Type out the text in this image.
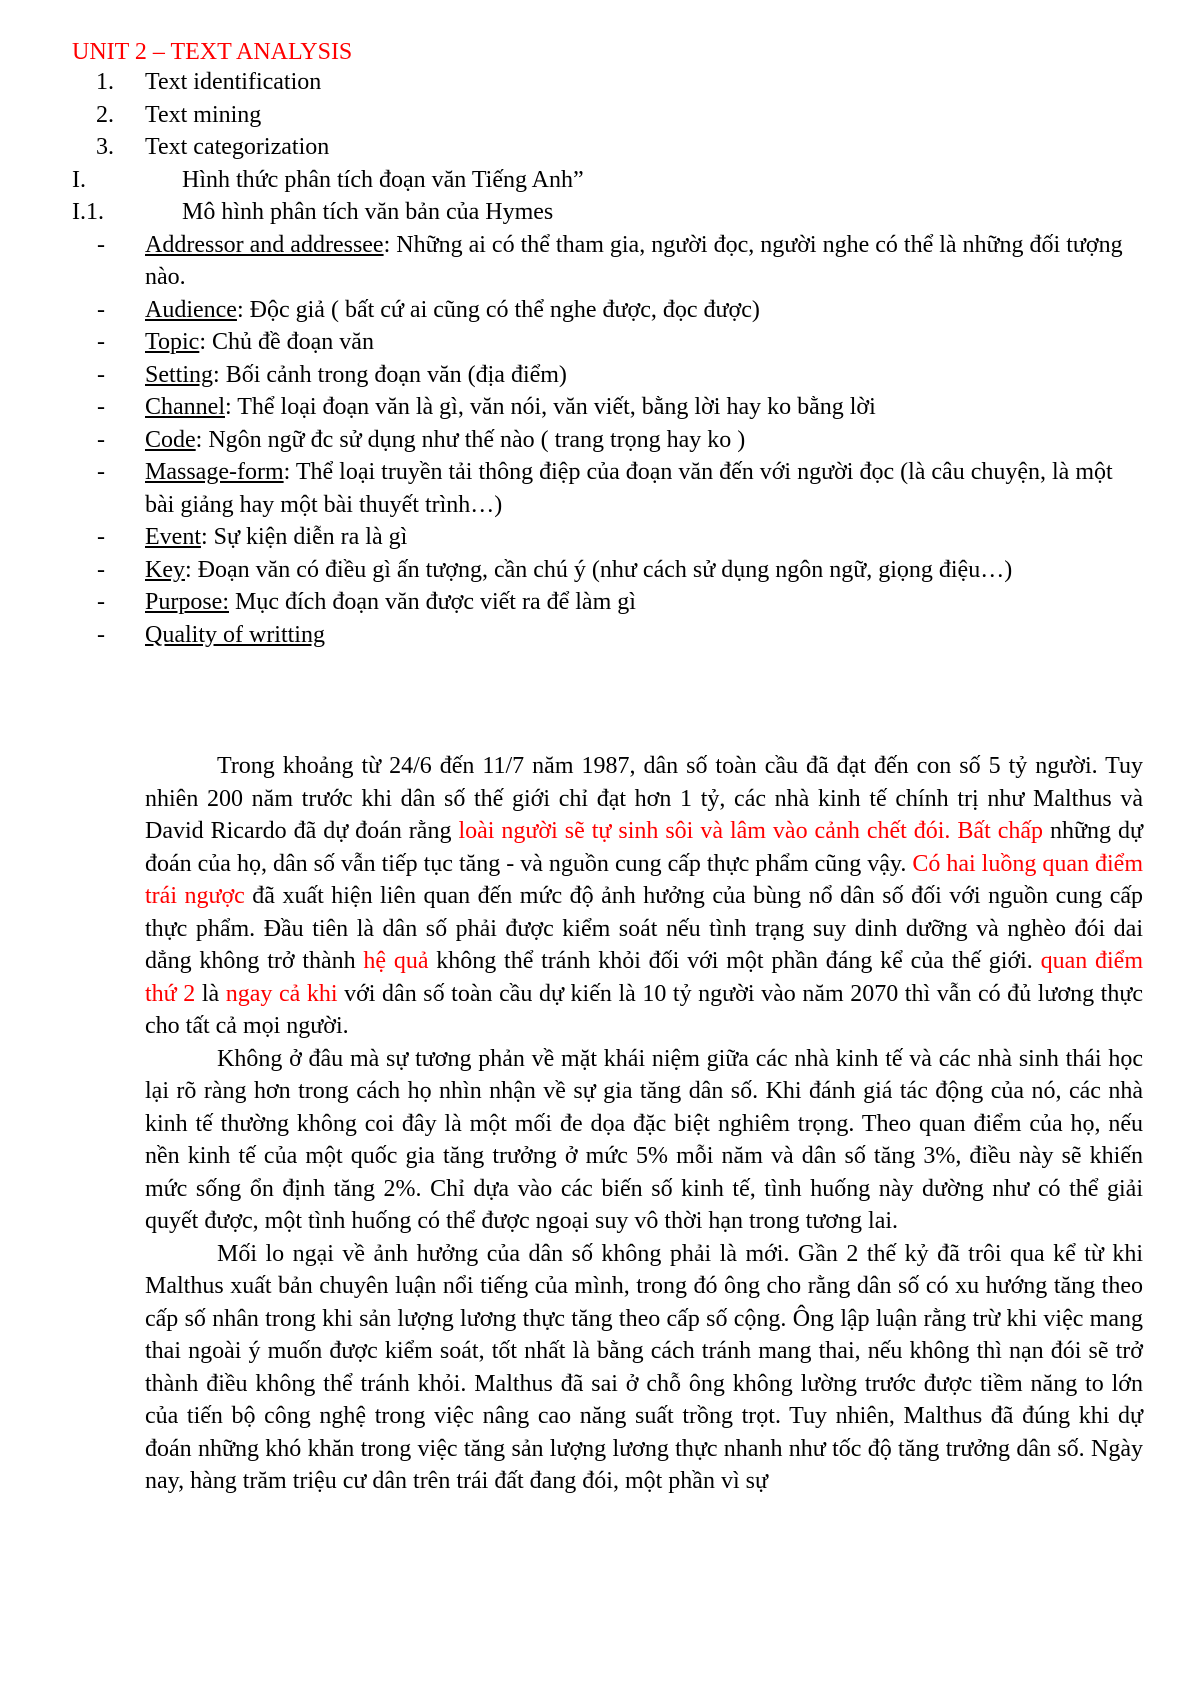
UNIT 2 – TEXT ANALYSIS
1. Text identification
2. Text mining
3. Text categorization
I.	Hình thức phân tích đoạn văn Tiếng Anh”
I.1.	Mô hình phân tích văn bản của Hymes
- Addressor and addressee: Những ai có thể tham gia, người đọc, người nghe có thể là những đối tượng nào.
- Audience: Độc giả ( bất cứ ai cũng có thể nghe được, đọc được)
- Topic: Chủ đề đoạn văn
- Setting: Bối cảnh trong đoạn văn (địa điểm)
- Channel: Thể loại đoạn văn là gì, văn nói, văn viết, bằng lời hay ko bằng lời
- Code: Ngôn ngữ đc sử dụng như thế nào ( trang trọng hay ko )
- Massage-form: Thể loại truyền tải thông điệp của đoạn văn đến với người đọc (là câu chuyện, là một bài giảng hay một bài thuyết trình…)
- Event: Sự kiện diễn ra là gì
- Key: Đoạn văn có điều gì ấn tượng, cần chú ý (như cách sử dụng ngôn ngữ, giọng điệu…)
- Purpose: Mục đích đoạn văn được viết ra để làm gì
- Quality of writting

Trong khoảng từ 24/6 đến 11/7 năm 1987, dân số toàn cầu đã đạt đến con số 5 tỷ người. Tuy nhiên 200 năm trước khi dân số thế giới chỉ đạt hơn 1 tỷ, các nhà kinh tế chính trị như Malthus và David Ricardo đã dự đoán rằng loài người sẽ tự sinh sôi và lâm vào cảnh chết đói. Bất chấp những dự đoán của họ, dân số vẫn tiếp tục tăng - và nguồn cung cấp thực phẩm cũng vậy. Có hai luồng quan điểm trái ngược đã xuất hiện liên quan đến mức độ ảnh hưởng của bùng nổ dân số đối với nguồn cung cấp thực phẩm. Đầu tiên là dân số phải được kiểm soát nếu tình trạng suy dinh dưỡng và nghèo đói dai dẳng không trở thành hệ quả không thể tránh khỏi đối với một phần đáng kể của thế giới. quan điểm thứ 2 là ngay cả khi với dân số toàn cầu dự kiến là 10 tỷ người vào năm 2070 thì vẫn có đủ lương thực cho tất cả mọi người.

Không ở đâu mà sự tương phản về mặt khái niệm giữa các nhà kinh tế và các nhà sinh thái học lại rõ ràng hơn trong cách họ nhìn nhận về sự gia tăng dân số. Khi đánh giá tác động của nó, các nhà kinh tế thường không coi đây là một mối đe dọa đặc biệt nghiêm trọng. Theo quan điểm của họ, nếu nền kinh tế của một quốc gia tăng trưởng ở mức 5% mỗi năm và dân số tăng 3%, điều này sẽ khiến mức sống ổn định tăng 2%. Chỉ dựa vào các biến số kinh tế, tình huống này dường như có thể giải quyết được, một tình huống có thể được ngoại suy vô thời hạn trong tương lai.

Mối lo ngại về ảnh hưởng của dân số không phải là mới. Gần 2 thế kỷ đã trôi qua kể từ khi Malthus xuất bản chuyên luận nổi tiếng của mình, trong đó ông cho rằng dân số có xu hướng tăng theo cấp số nhân trong khi sản lượng lương thực tăng theo cấp số cộng. Ông lập luận rằng trừ khi việc mang thai ngoài ý muốn được kiểm soát, tốt nhất là bằng cách tránh mang thai, nếu không thì nạn đói sẽ trở thành điều không thể tránh khỏi. Malthus đã sai ở chỗ ông không lường trước được tiềm năng to lớn của tiến bộ công nghệ trong việc nâng cao năng suất trồng trọt. Tuy nhiên, Malthus đã đúng khi dự đoán những khó khăn trong việc tăng sản lượng lương thực nhanh như tốc độ tăng trưởng dân số. Ngày nay, hàng trăm triệu cư dân trên trái đất đang đói, một phần vì sự
